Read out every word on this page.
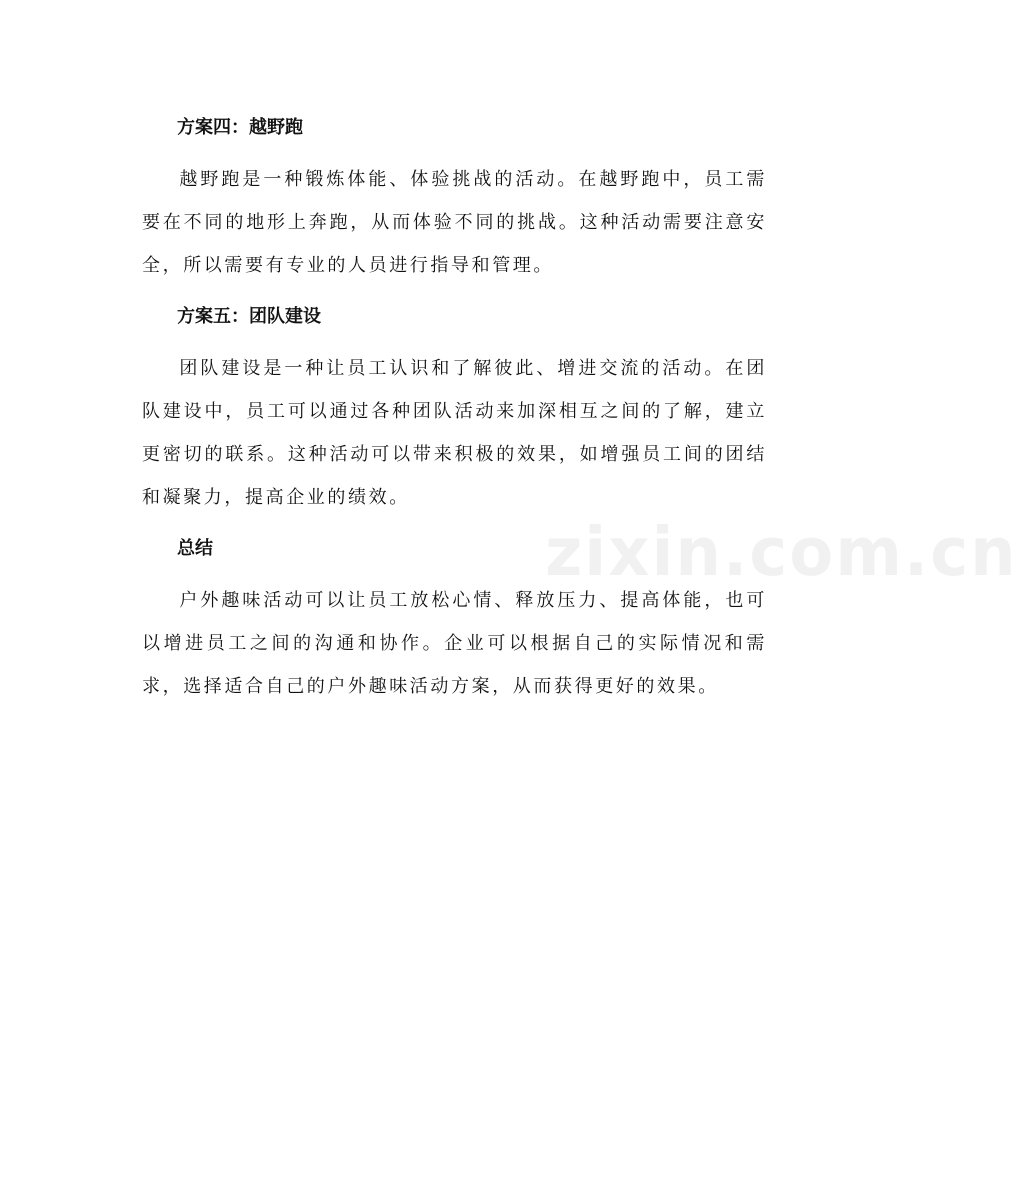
方案四：越野跑

越野跑是一种锻炼体能、体验挑战的活动。在越野跑中，员工需要在不同的地形上奔跑，从而体验不同的挑战。这种活动需要注意安全，所以需要有专业的人员进行指导和管理。

方案五：团队建设

团队建设是一种让员工认识和了解彼此、增进交流的活动。在团队建设中，员工可以通过各种团队活动来加深相互之间的了解，建立更密切的联系。这种活动可以带来积极的效果，如增强员工间的团结和凝聚力，提高企业的绩效。

总结

户外趣味活动可以让员工放松心情、释放压力、提高体能，也可以增进员工之间的沟通和协作。企业可以根据自己的实际情况和需求，选择适合自己的户外趣味活动方案，从而获得更好的效果。

zixin.com.cn
